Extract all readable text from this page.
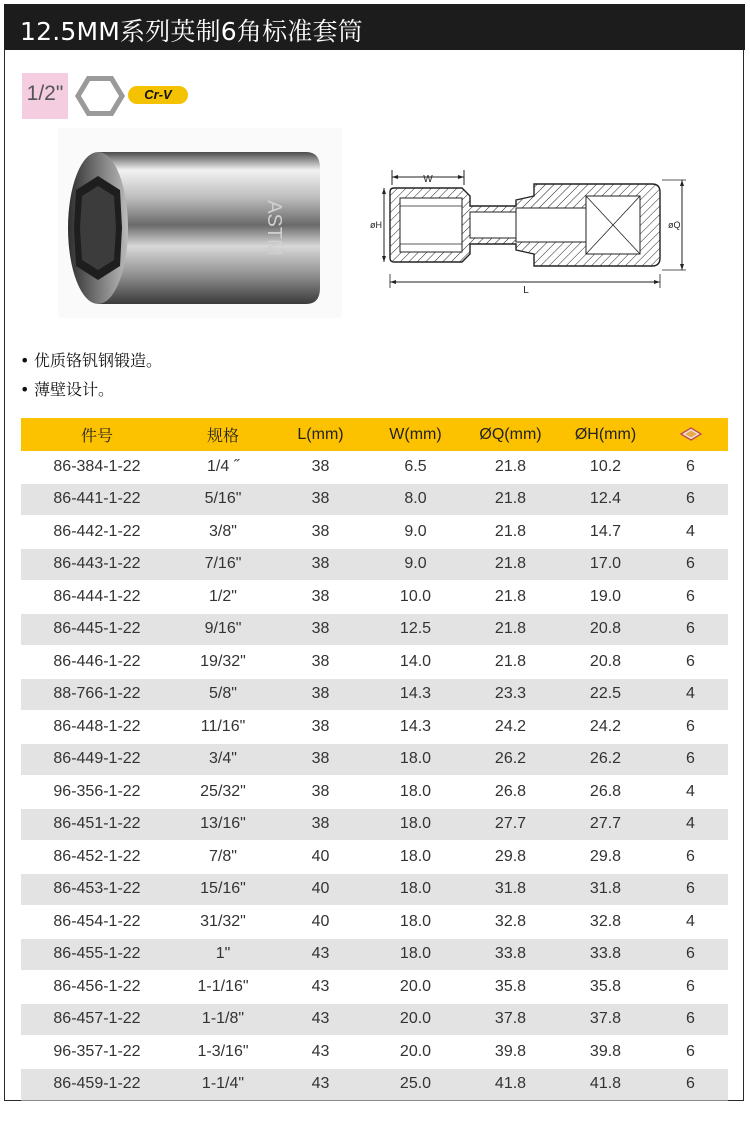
12.5MM系列英制6角标准套筒
1/2"	Cr-V
ASTM
W
øH	øQ
L
• 优质铬钒钢锻造。
• 薄壁设计。
件号	规格	L(mm)	W(mm)	ØQ(mm)	ØH(mm)	
86-384-1-22	1/4 ˝	38	6.5	21.8	10.2	6
86-441-1-22	5/16"	38	8.0	21.8	12.4	6
86-442-1-22	3/8"	38	9.0	21.8	14.7	4
86-443-1-22	7/16"	38	9.0	21.8	17.0	6
86-444-1-22	1/2"	38	10.0	21.8	19.0	6
86-445-1-22	9/16"	38	12.5	21.8	20.8	6
86-446-1-22	19/32"	38	14.0	21.8	20.8	6
88-766-1-22	5/8"	38	14.3	23.3	22.5	4
86-448-1-22	11/16"	38	14.3	24.2	24.2	6
86-449-1-22	3/4"	38	18.0	26.2	26.2	6
96-356-1-22	25/32"	38	18.0	26.8	26.8	4
86-451-1-22	13/16"	38	18.0	27.7	27.7	4
86-452-1-22	7/8"	40	18.0	29.8	29.8	6
86-453-1-22	15/16"	40	18.0	31.8	31.8	6
86-454-1-22	31/32"	40	18.0	32.8	32.8	4
86-455-1-22	1"	43	18.0	33.8	33.8	6
86-456-1-22	1-1/16"	43	20.0	35.8	35.8	6
86-457-1-22	1-1/8"	43	20.0	37.8	37.8	6
96-357-1-22	1-3/16"	43	20.0	39.8	39.8	6
86-459-1-22	1-1/4"	43	25.0	41.8	41.8	6
